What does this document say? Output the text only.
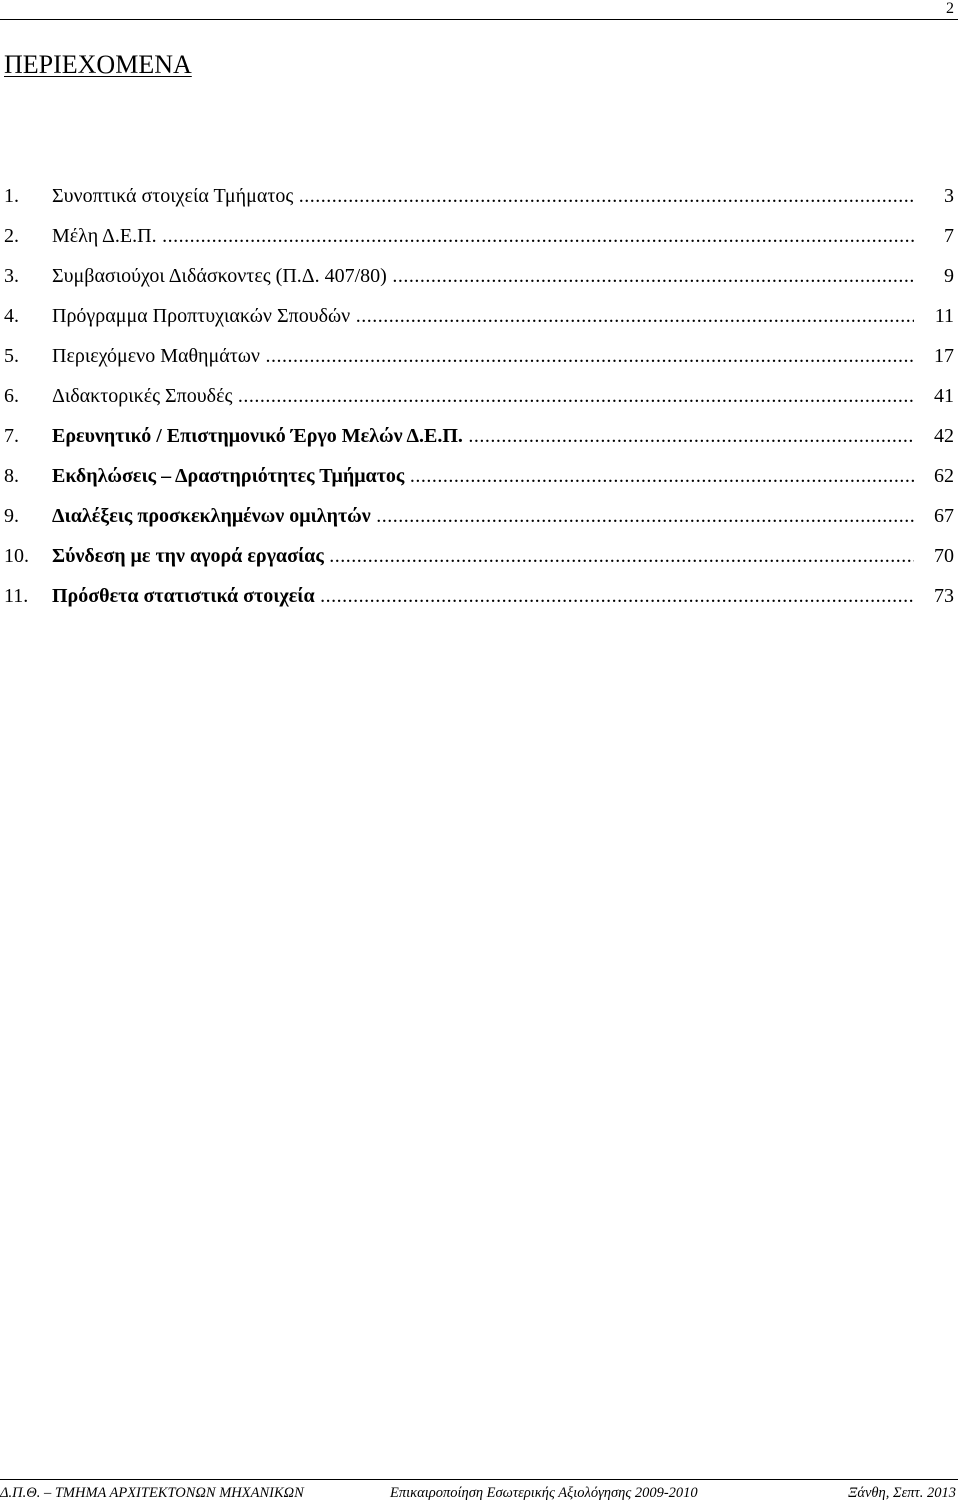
2
ΠΕΡΙΕΧΟΜΕΝΑ
1. Συνοπτικά στοιχεία Τμήματος .....	3
2. Μέλη Δ.Ε.Π. .....	7
3. Συμβασιούχοι Διδάσκοντες (Π.Δ. 407/80) .....	9
4. Πρόγραμμα Προπτυχιακών Σπουδών .....	11
5. Περιεχόμενο Μαθημάτων .....	17
6. Διδακτορικές Σπουδές .....	41
7. Ερευνητικό / Επιστημονικό Έργο Μελών Δ.Ε.Π. .....	42
8. Εκδηλώσεις – Δραστηριότητες Τμήματος .....	62
9. Διαλέξεις προσκεκλημένων ομιλητών .....	67
10. Σύνδεση με την αγορά εργασίας .....	70
11. Πρόσθετα στατιστικά στοιχεία .....	73
Δ.Π.Θ. – ΤΜΗΜΑ ΑΡΧΙΤΕΚΤΟΝΩΝ ΜΗΧΑΝΙΚΩΝ	Επικαιροποίηση Εσωτερικής Αξιολόγησης 2009-2010	Ξάνθη, Σεπτ. 2013
